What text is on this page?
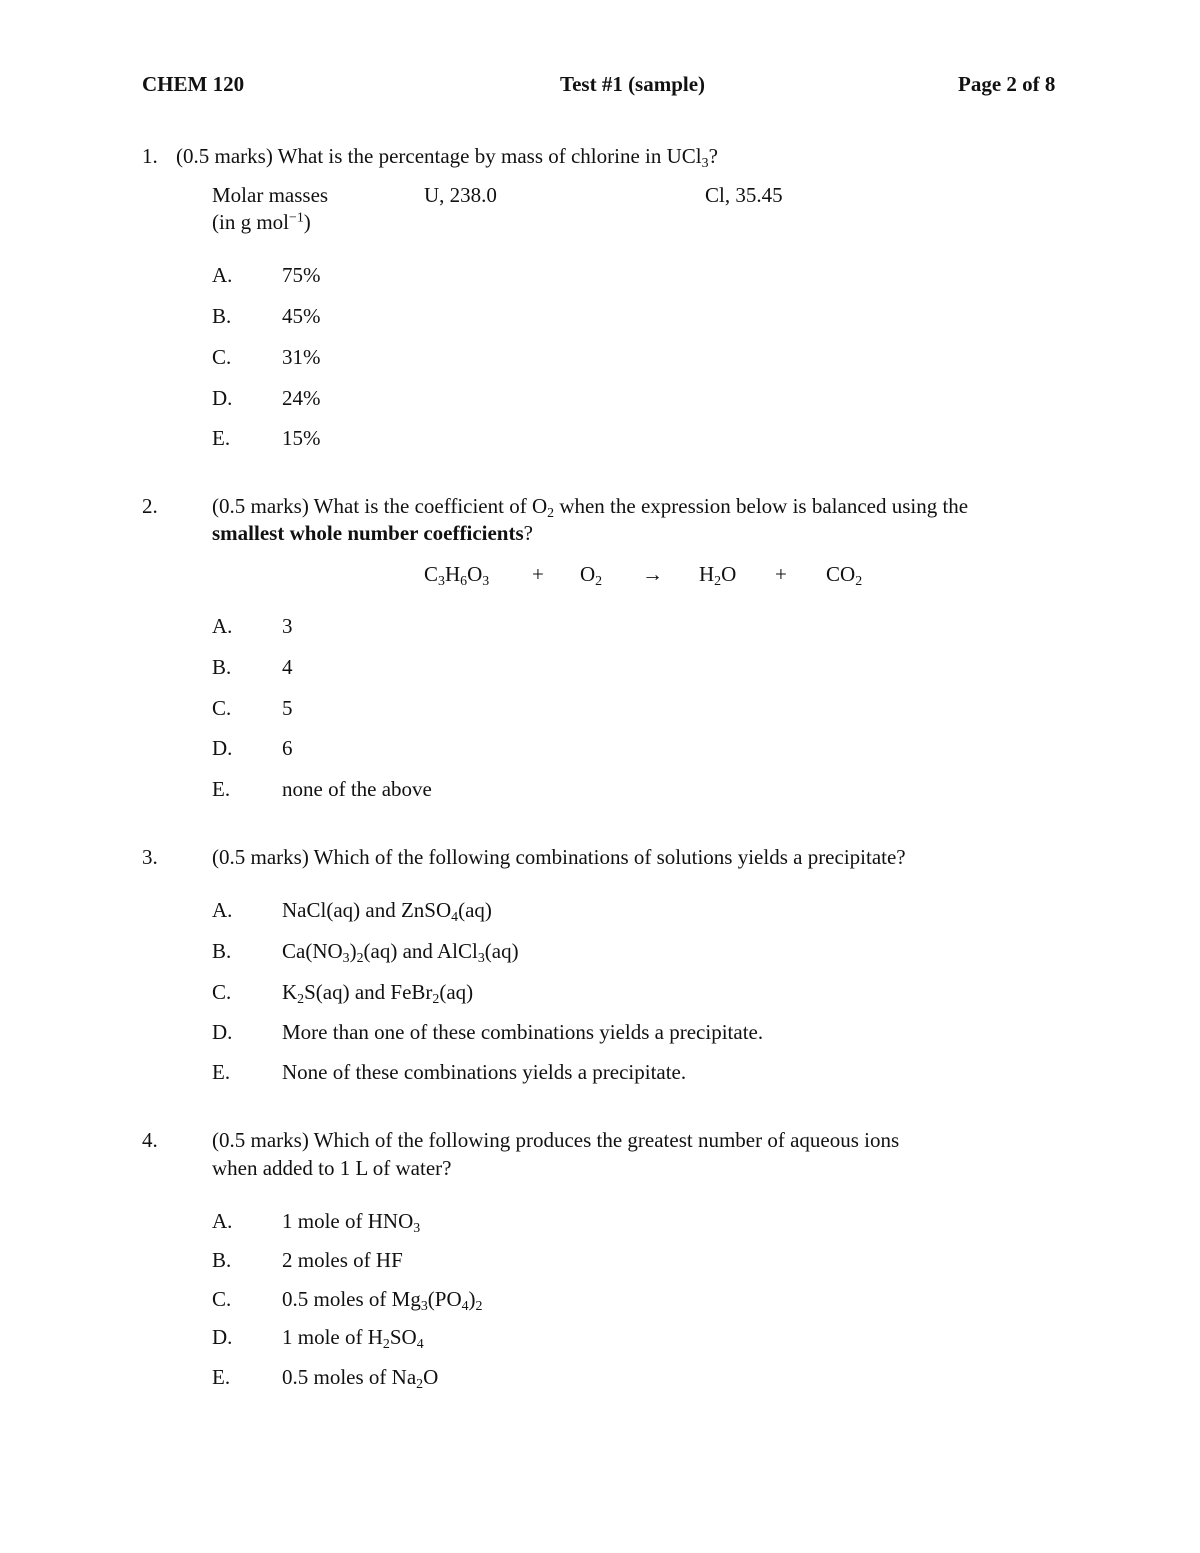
CHEM 120	Test #1 (sample)	Page 2 of 8
1. (0.5 marks) What is the percentage by mass of chlorine in UCl$_3$?
Molar masses
(in g mol$^{-1}$)
U, 238.0	Cl, 35.45
A. 75%
B. 45%
C. 31%
D. 24%
E. 15%
2.	(0.5 marks) What is the coefficient of $O_2$ when the expression below is balanced using the
smallest whole number coefficients?
$C_3H_6O_3 + O_2 \to H_2O + CO_2$
A. 3
B. 4
C. 5
D. 6
E. none of the above
3.	(0.5 marks) Which of the following combinations of solutions yields a precipitate?
A. NaCl(aq) and ZnSO$_4$(aq)
B. $Ca(NO_3)_2(aq)$ and AlCl$_3$(aq)
C. $K_2S(aq)$ and FeBr$_2$(aq)
D. More than one of these combinations yields a precipitate.
E. None of these combinations yields a precipitate.
4.	(0.5 marks) Which of the following produces the greatest number of aqueous ions
when added to 1 L of water?
A. 1 mole of $HNO_3$
B. 2 moles of HF
C. 0.5 moles of $Mg_3(PO_4)_2$
D. 1 mole of $H_2SO_4$
E. 0.5 moles of $Na_2O$
